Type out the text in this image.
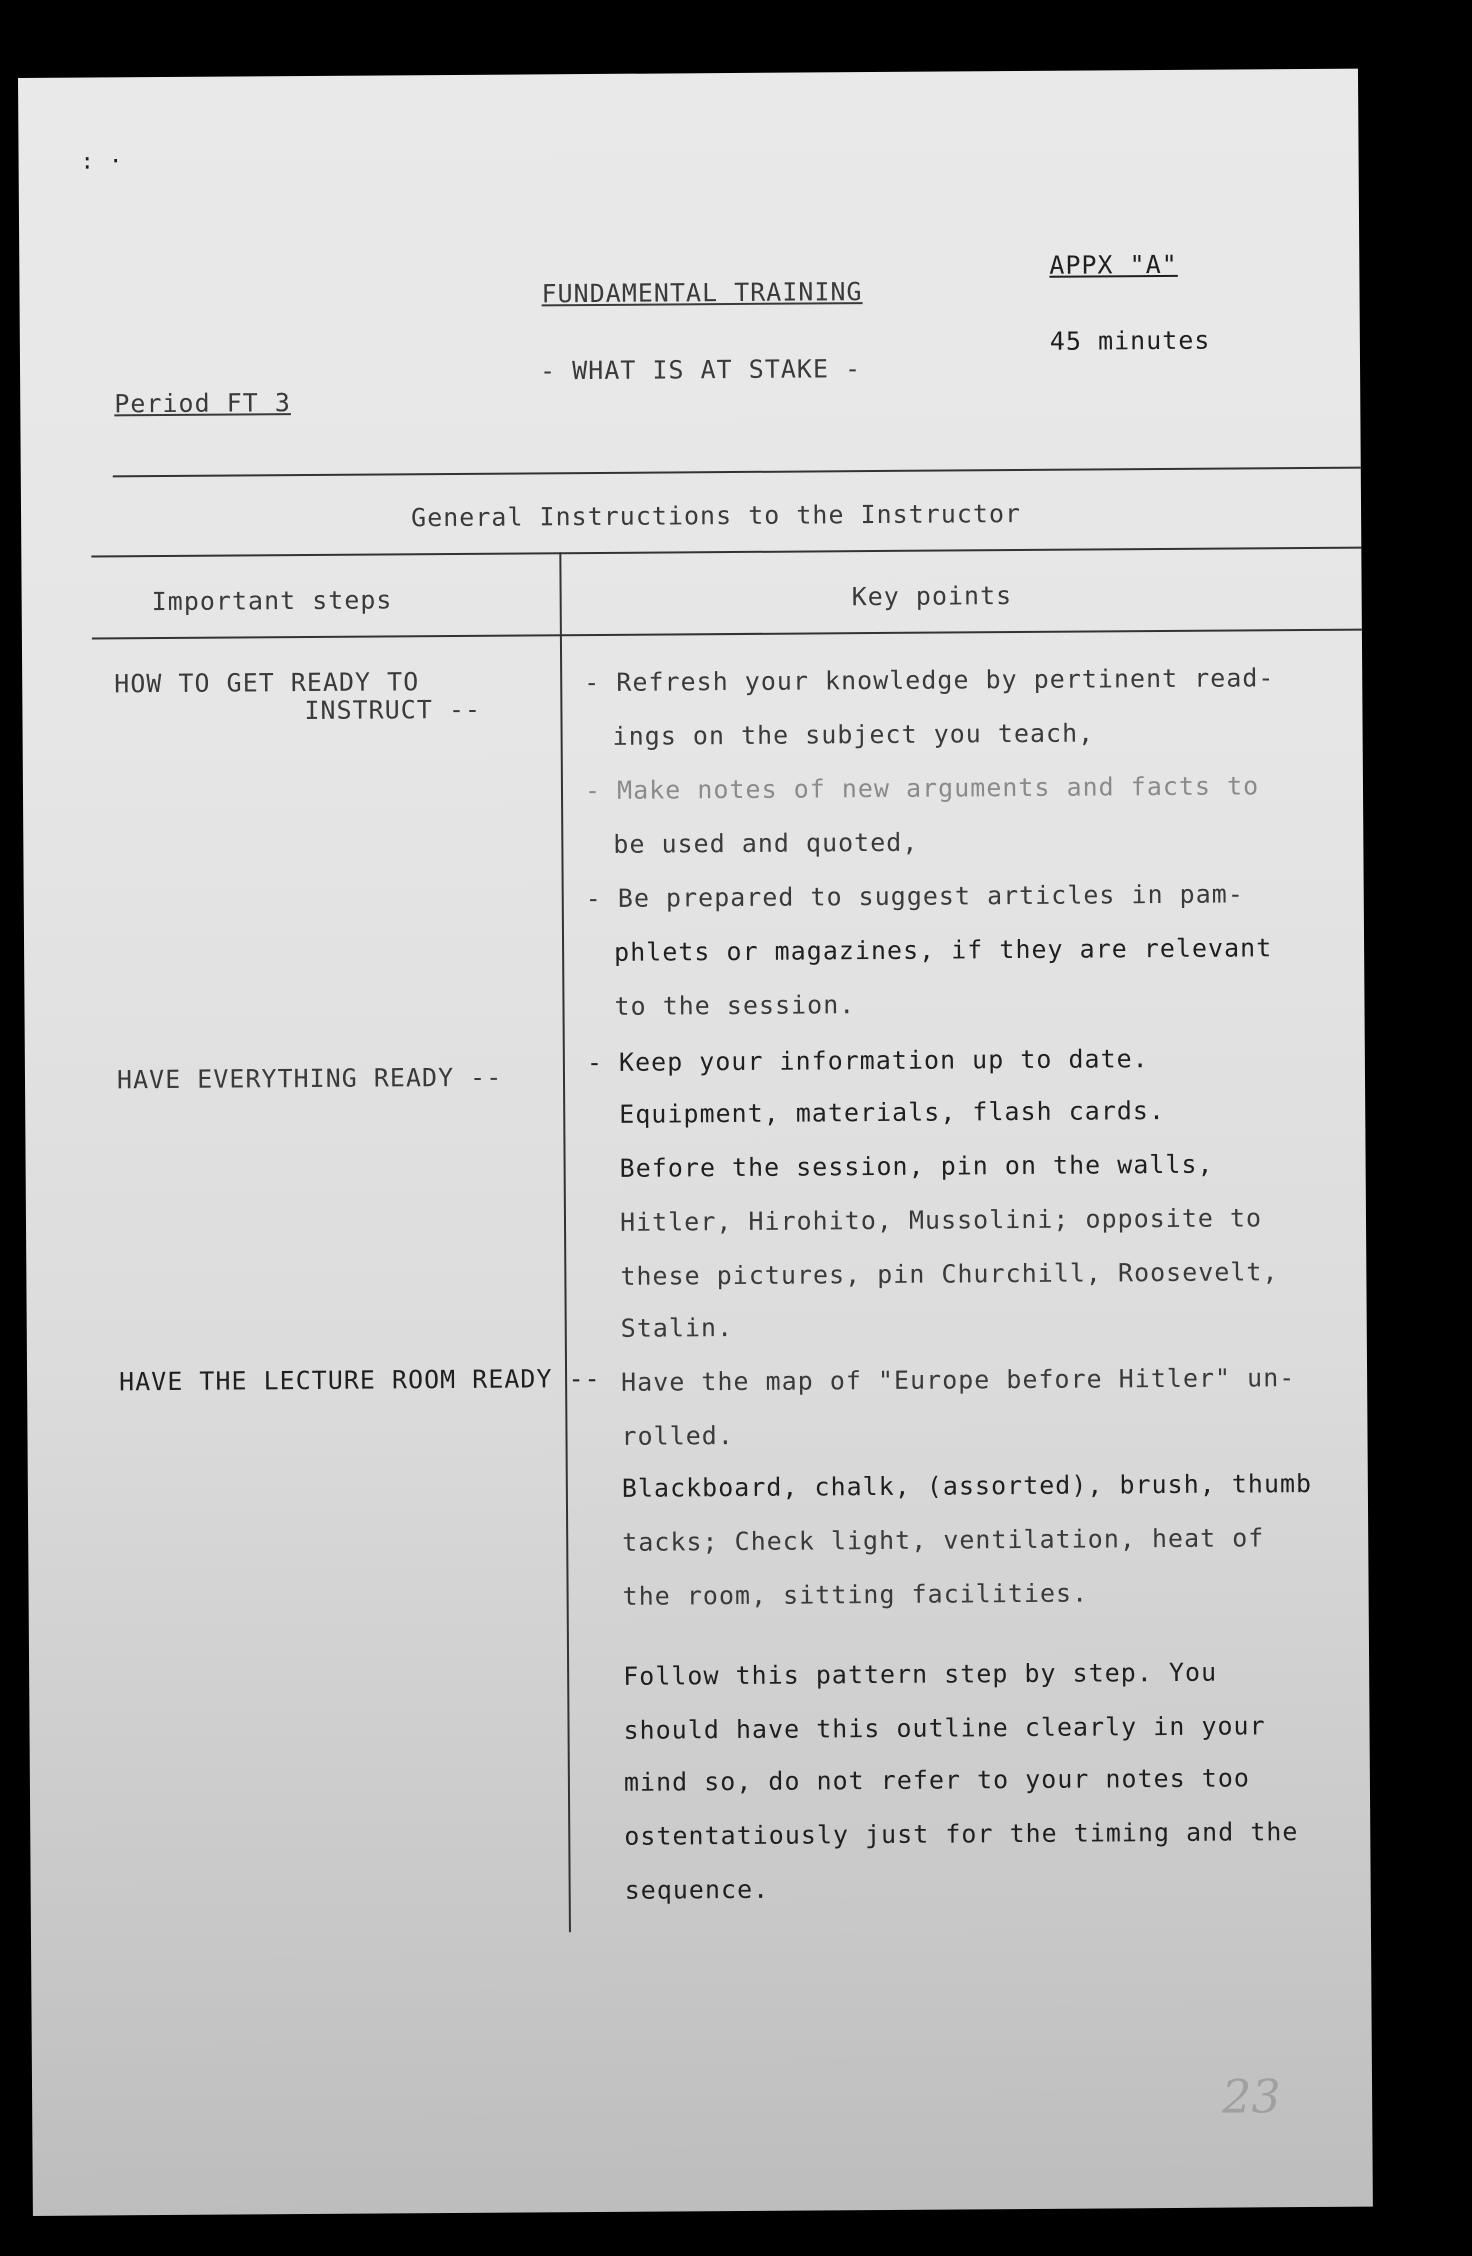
: ·
FUNDAMENTAL TRAINING
APPX "A"
45 minutes
- WHAT IS AT STAKE -
Period FT 3
General Instructions to the Instructor
Important steps	Key points
HOW TO GET READY TO
INSTRUCT --
HAVE EVERYTHING READY --
HAVE THE LECTURE ROOM READY --
- Refresh your knowledge by pertinent read-
ings on the subject you teach,
- Make notes of new arguments and facts to
be used and quoted,
- Be prepared to suggest articles in pam-
phlets or magazines, if they are relevant
to the session.
- Keep your information up to date.
Equipment, materials, flash cards.
Before the session, pin on the walls,
Hitler, Hirohito, Mussolini; opposite to
these pictures, pin Churchill, Roosevelt,
Stalin.
Have the map of "Europe before Hitler" un-
rolled.
Blackboard, chalk, (assorted), brush, thumb
tacks; Check light, ventilation, heat of
the room, sitting facilities.
Follow this pattern step by step. You
should have this outline clearly in your
mind so, do not refer to your notes too
ostentatiously just for the timing and the
sequence.
23
